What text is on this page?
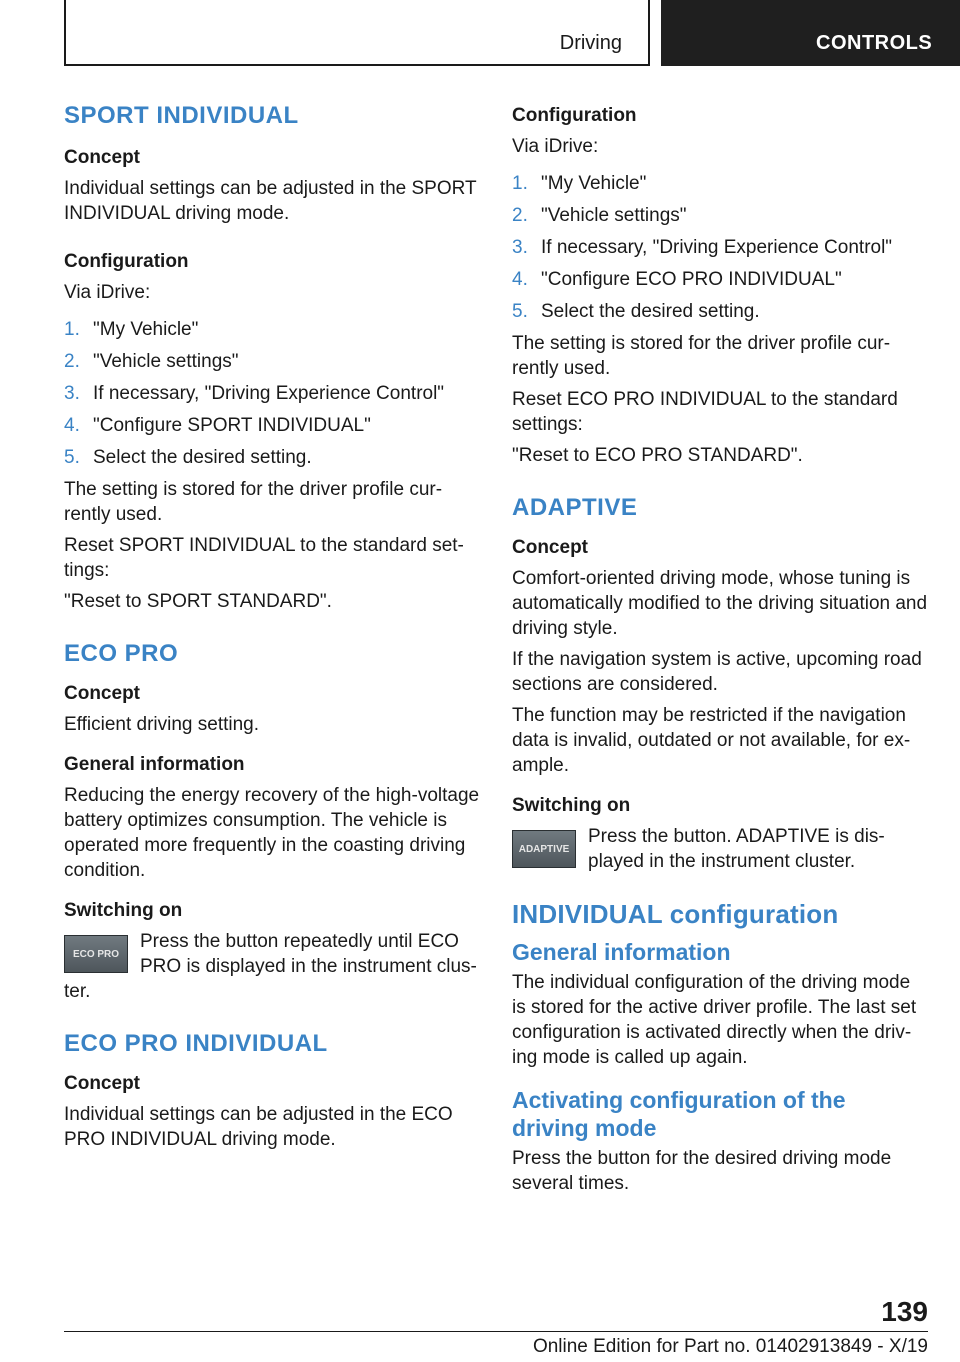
Driving	CONTROLS
SPORT INDIVIDUAL
Concept
Individual settings can be adjusted in the SPORT INDIVIDUAL driving mode.
Configuration
Via iDrive:
1. "My Vehicle"
2. "Vehicle settings"
3. If necessary, "Driving Experience Control"
4. "Configure SPORT INDIVIDUAL"
5. Select the desired setting.
The setting is stored for the driver profile currently used.
Reset SPORT INDIVIDUAL to the standard settings:
"Reset to SPORT STANDARD".
ECO PRO
Concept
Efficient driving setting.
General information
Reducing the energy recovery of the high-voltage battery optimizes consumption. The vehicle is operated more frequently in the coasting driving condition.
Switching on
ECO PRO
Press the button repeatedly until ECO PRO is displayed in the instrument cluster.
ECO PRO INDIVIDUAL
Concept
Individual settings can be adjusted in the ECO PRO INDIVIDUAL driving mode.
Configuration
Via iDrive:
1. "My Vehicle"
2. "Vehicle settings"
3. If necessary, "Driving Experience Control"
4. "Configure ECO PRO INDIVIDUAL"
5. Select the desired setting.
The setting is stored for the driver profile currently used.
Reset ECO PRO INDIVIDUAL to the standard settings:
"Reset to ECO PRO STANDARD".
ADAPTIVE
Concept
Comfort-oriented driving mode, whose tuning is automatically modified to the driving situation and driving style.
If the navigation system is active, upcoming road sections are considered.
The function may be restricted if the navigation data is invalid, outdated or not available, for example.
Switching on
ADAPTIVE
Press the button. ADAPTIVE is displayed in the instrument cluster.
INDIVIDUAL configuration
General information
The individual configuration of the driving mode is stored for the active driver profile. The last set configuration is activated directly when the driving mode is called up again.
Activating configuration of the driving mode
Press the button for the desired driving mode several times.
139
Online Edition for Part no. 01402913849 - X/19
